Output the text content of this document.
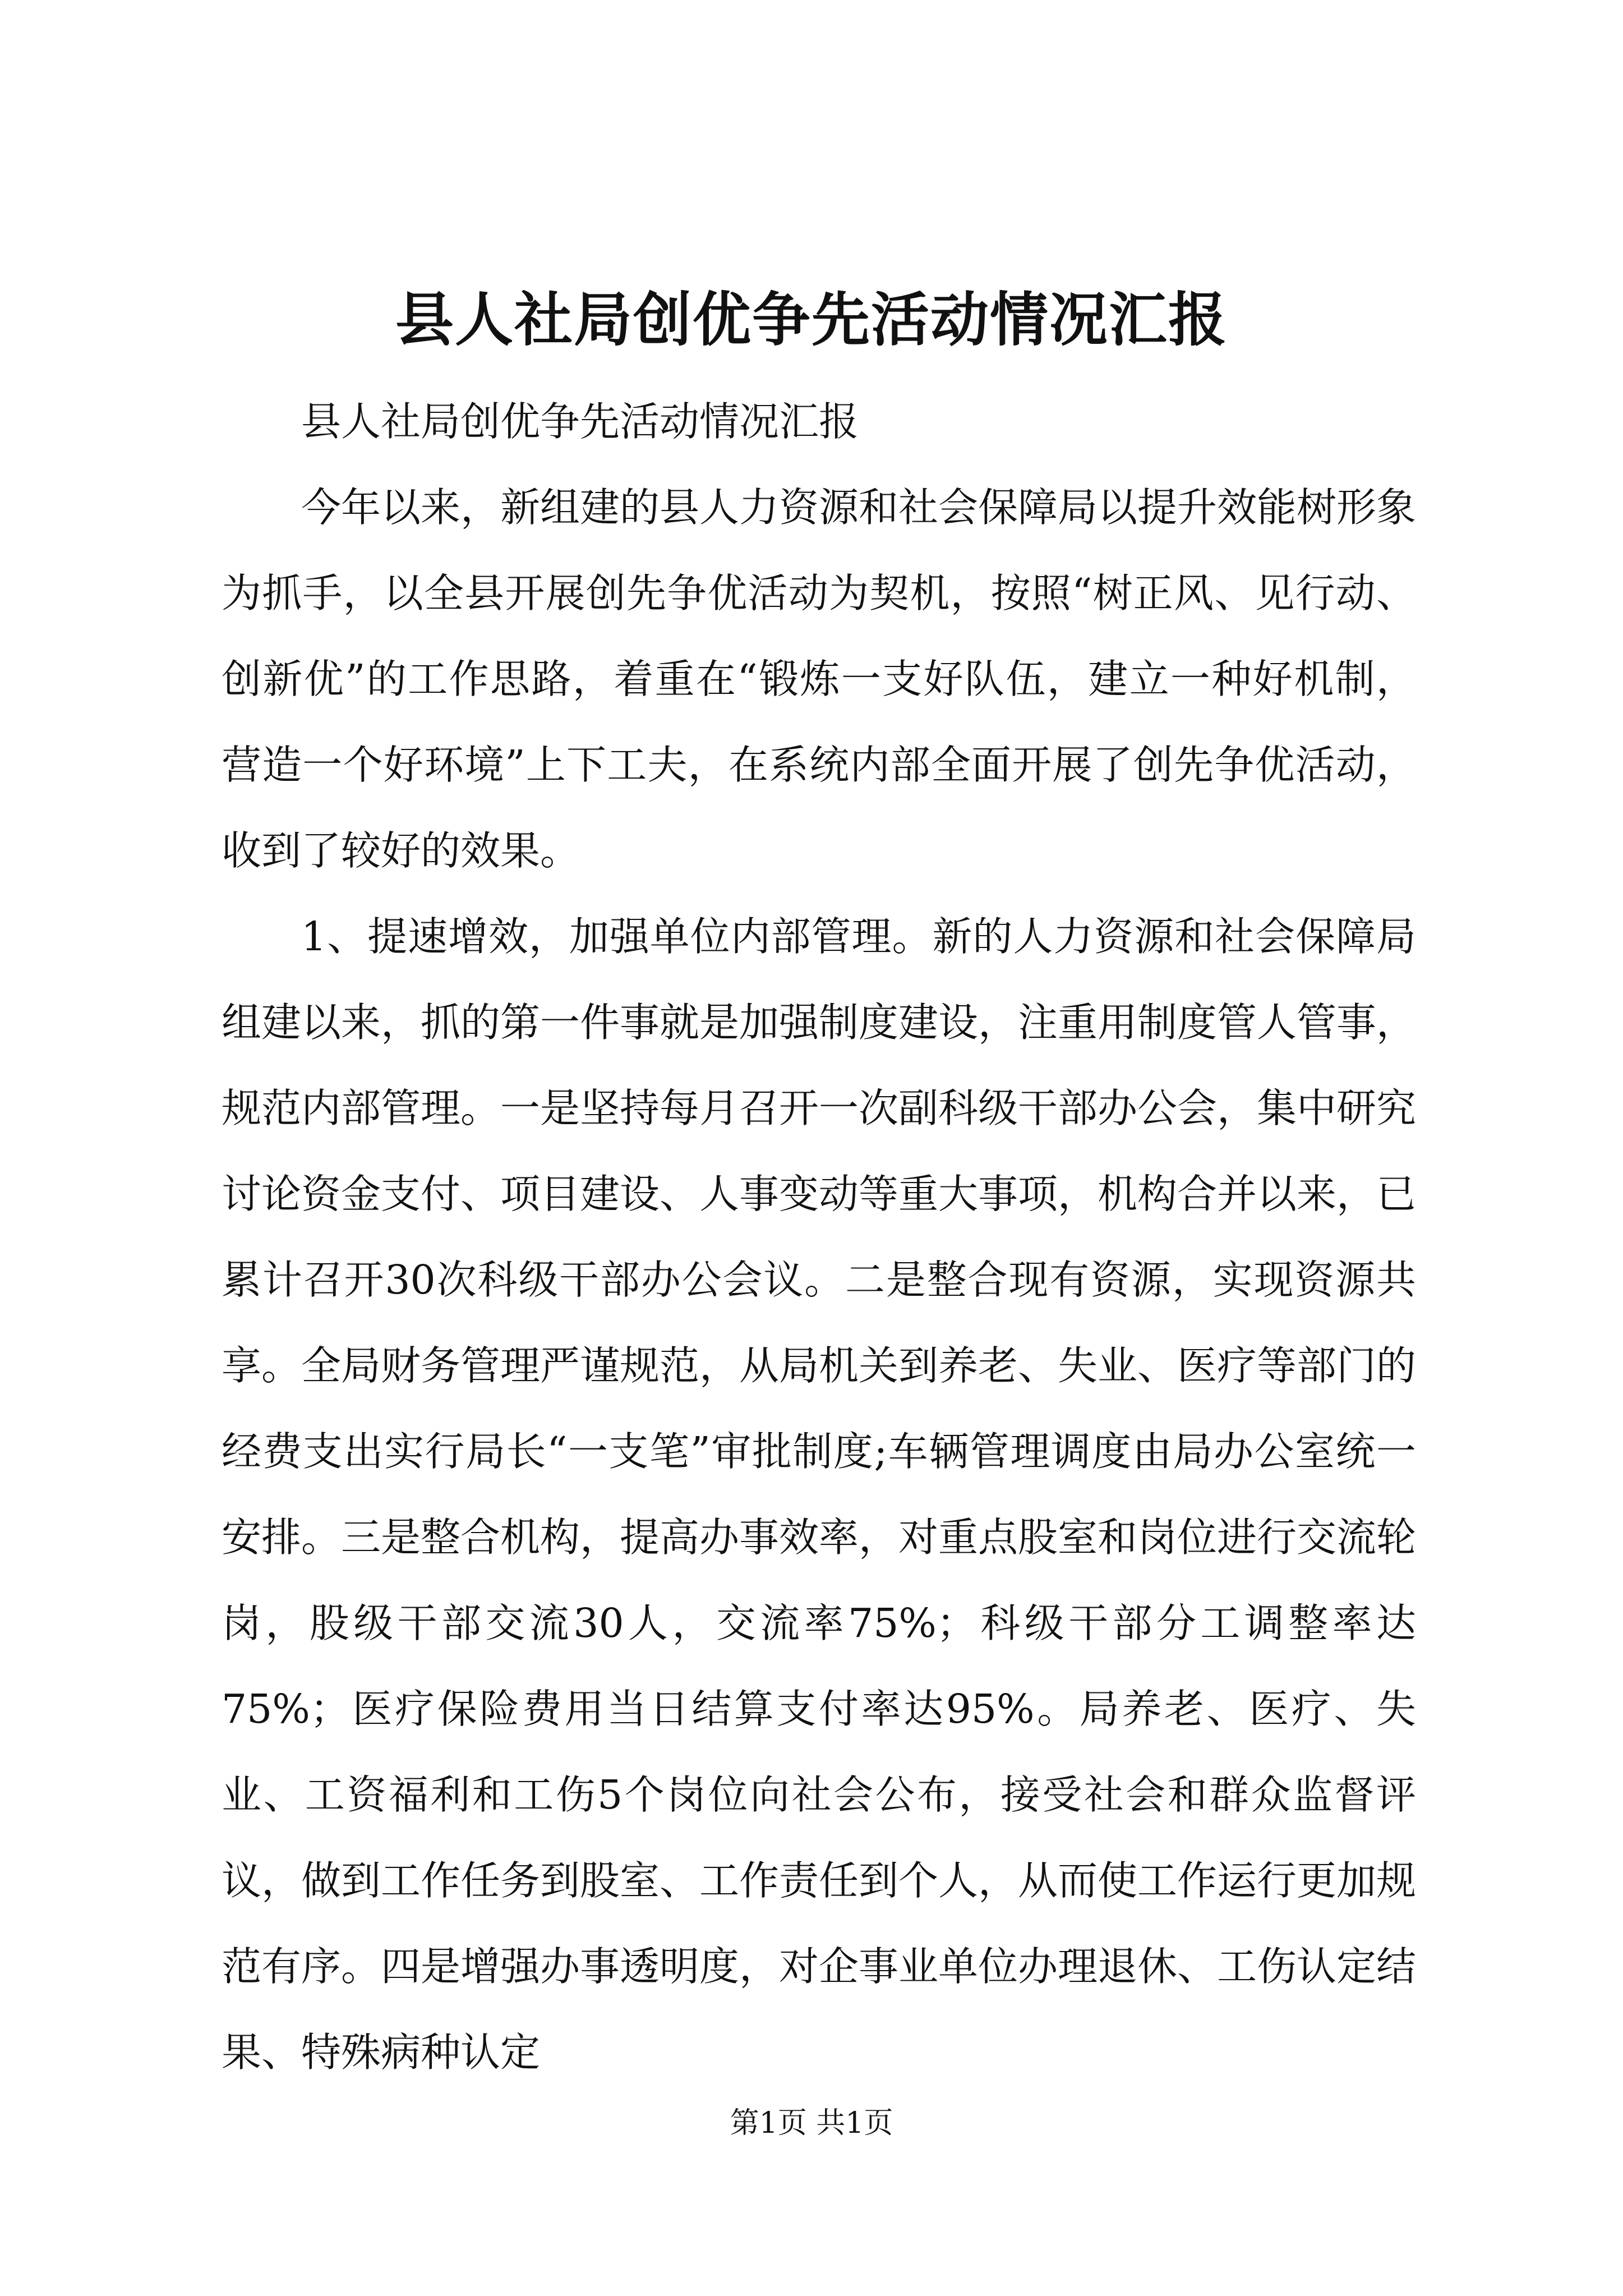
县人社局创优争先活动情况汇报

县人社局创优争先活动情况汇报

今年以来，新组建的县人力资源和社会保障局以提升效能树形象为抓手，以全县开展创先争优活动为契机，按照“树正风、见行动、创新优”的工作思路，着重在“锻炼一支好队伍，建立一种好机制，营造一个好环境”上下工夫，在系统内部全面开展了创先争优活动，收到了较好的效果。

1、提速增效，加强单位内部管理。新的人力资源和社会保障局组建以来，抓的第一件事就是加强制度建设，注重用制度管人管事，规范内部管理。一是坚持每月召开一次副科级干部办公会，集中研究讨论资金支付、项目建设、人事变动等重大事项，机构合并以来，已累计召开30次科级干部办公会议。二是整合现有资源，实现资源共享。全局财务管理严谨规范，从局机关到养老、失业、医疗等部门的经费支出实行局长“一支笔”审批制度;车辆管理调度由局办公室统一安排。三是整合机构，提高办事效率，对重点股室和岗位进行交流轮岗，股级干部交流30人，交流率75%；科级干部分工调整率达75%；医疗保险费用当日结算支付率达95%。局养老、医疗、失业、工资福利和工伤5个岗位向社会公布，接受社会和群众监督评议，做到工作任务到股室、工作责任到个人，从而使工作运行更加规范有序。四是增强办事透明度，对企事业单位办理退休、工伤认定结果、特殊病种认定

第1页 共1页
